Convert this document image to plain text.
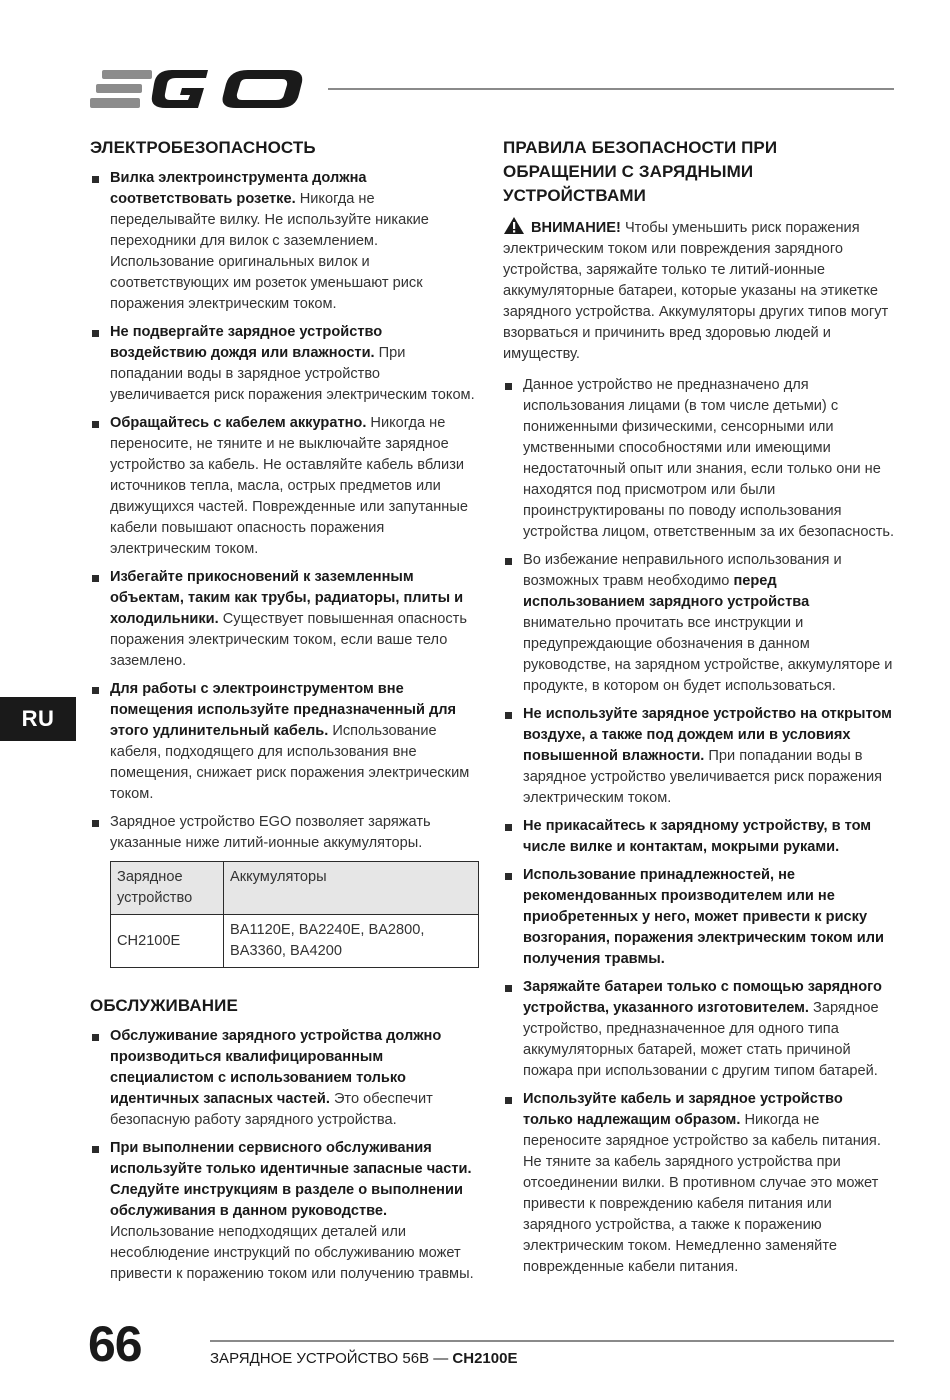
RU
ЭЛЕКТРОБЕЗОПАСНОСТЬ
Вилка электроинструмента должна соответствовать розетке. Никогда не переделывайте вилку. Не используйте никакие переходники для вилок с заземлением. Использование оригинальных вилок и соответствующих им розеток уменьшают риск поражения электрическим током.
Не подвергайте зарядное устройство воздействию дождя или влажности. При попадании воды в зарядное устройство увеличивается риск поражения электрическим током.
Обращайтесь с кабелем аккуратно. Никогда не переносите, не тяните и не выключайте зарядное устройство за кабель. Не оставляйте кабель вблизи источников тепла, масла, острых предметов или движущихся частей. Поврежденные или запутанные кабели повышают опасность поражения электрическим током.
Избегайте прикосновений к заземленным объектам, таким как трубы, радиаторы, плиты и холодильники. Существует повышенная опасность поражения электрическим током, если ваше тело заземлено.
Для работы с электроинструментом вне помещения используйте предназначенный для этого удлинительный кабель. Использование кабеля, подходящего для использования вне помещения, снижает риск поражения электрическим током.
Зарядное устройство EGO позволяет заряжать указанные ниже литий-ионные аккумуляторы.
Зарядное устройство	Аккумуляторы
CH2100E	BA1120E, BA2240E, BA2800, BA3360, BA4200
ОБСЛУЖИВАНИЕ
Обслуживание зарядного устройства должно производиться квалифицированным специалистом с использованием только идентичных запасных частей. Это обеспечит безопасную работу зарядного устройства.
При выполнении сервисного обслуживания используйте только идентичные запасные части. Следуйте инструкциям в разделе о выполнении обслуживания в данном руководстве. Использование неподходящих деталей или несоблюдение инструкций по обслуживанию может привести к поражению током или получению травмы.
ПРАВИЛА БЕЗОПАСНОСТИ ПРИ ОБРАЩЕНИИ С ЗАРЯДНЫМИ УСТРОЙСТВАМИ

ВНИМАНИЕ! Чтобы уменьшить риск поражения электрическим током или повреждения зарядного устройства, заряжайте только те литий-ионные аккумуляторные батареи, которые указаны на этикетке зарядного устройства. Аккумуляторы других типов могут взорваться и причинить вред здоровью людей и имуществу.

Данное устройство не предназначено для использования лицами (в том числе детьми) с пониженными физическими, сенсорными или умственными способностями или имеющими недостаточный опыт или знания, если только они не находятся под присмотром или были проинструктированы по поводу использования устройства лицом, ответственным за их безопасность.
Во избежание неправильного использования и возможных травм необходимо перед использованием зарядного устройства внимательно прочитать все инструкции и предупреждающие обозначения в данном руководстве, на зарядном устройстве, аккумуляторе и продукте, в котором он будет использоваться.
Не используйте зарядное устройство на открытом воздухе, а также под дождем или в условиях повышенной влажности. При попадании воды в зарядное устройство увеличивается риск поражения электрическим током.
Не прикасайтесь к зарядному устройству, в том числе вилке и контактам, мокрыми руками.
Использование принадлежностей, не рекомендованных производителем или не приобретенных у него, может привести к риску возгорания, поражения электрическим током или получения травмы.
Заряжайте батареи только с помощью зарядного устройства, указанного изготовителем. Зарядное устройство, предназначенное для одного типа аккумуляторных батарей, может стать причиной пожара при использовании с другим типом батарей.
Используйте кабель и зарядное устройство только надлежащим образом. Никогда не переносите зарядное устройство за кабель питания. Не тяните за кабель зарядного устройства при отсоединении вилки. В противном случае это может привести к повреждению кабеля питания или зарядного устройства, а также к поражению электрическим током. Немедленно заменяйте поврежденные кабели питания.
66	ЗАРЯДНОЕ УСТРОЙСТВО 56В — CH2100E
